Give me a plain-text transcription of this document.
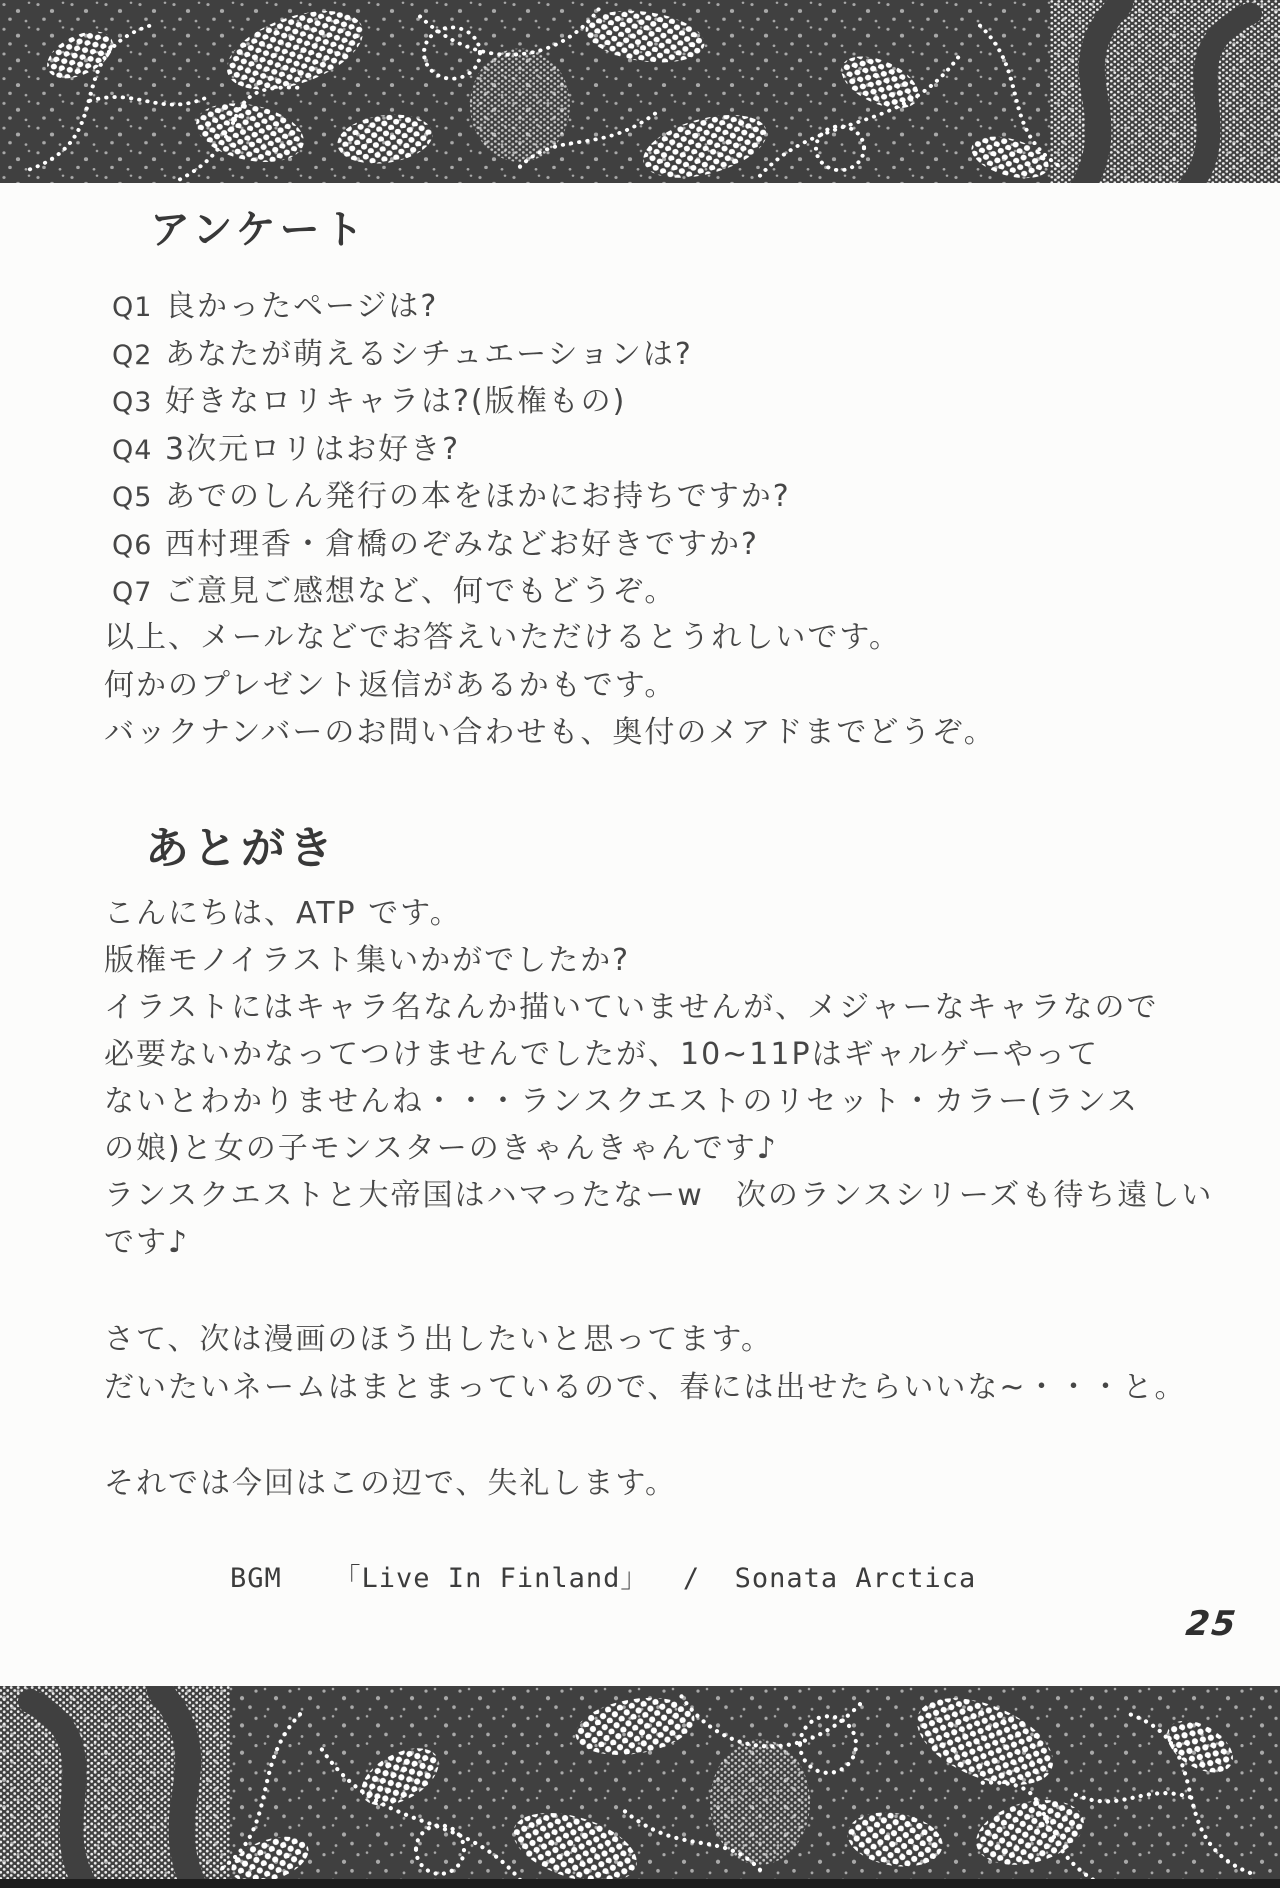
アンケート
Q1 良かったページは?
Q2 あなたが萌えるシチュエーションは?
Q3 好きなロリキャラは?(版権もの)
Q4 3次元ロリはお好き?
Q5 あでのしん発行の本をほかにお持ちですか?
Q6 西村理香・倉橋のぞみなどお好きですか?
Q7 ご意見ご感想など、何でもどうぞ。

以上、メールなどでお答えいただけるとうれしいです。

何かのプレゼント返信があるかもです。

バックナンバーのお問い合わせも、奥付のメアドまでどうぞ。

あとがき

こんにちは、ATP です。

版権モノイラスト集いかがでしたか?

イラストにはキャラ名なんか描いていませんが、メジャーなキャラなので

必要ないかなってつけませんでしたが、10~11Pはギャルゲーやって

ないとわかりませんね・・・ランスクエストのリセット・カラー(ランス

の娘)と女の子モンスターのきゃんきゃんです♪

ランスクエストと大帝国はハマったなーw　次のランスシリーズも待ち遠しい

です♪

さて、次は漫画のほう出したいと思ってます。

だいたいネームはまとまっているので、春には出せたらいいな~・・・と。

それでは今回はこの辺で、失礼します。

BGM   「Live In Finland」  /  Sonata Arctica

25
